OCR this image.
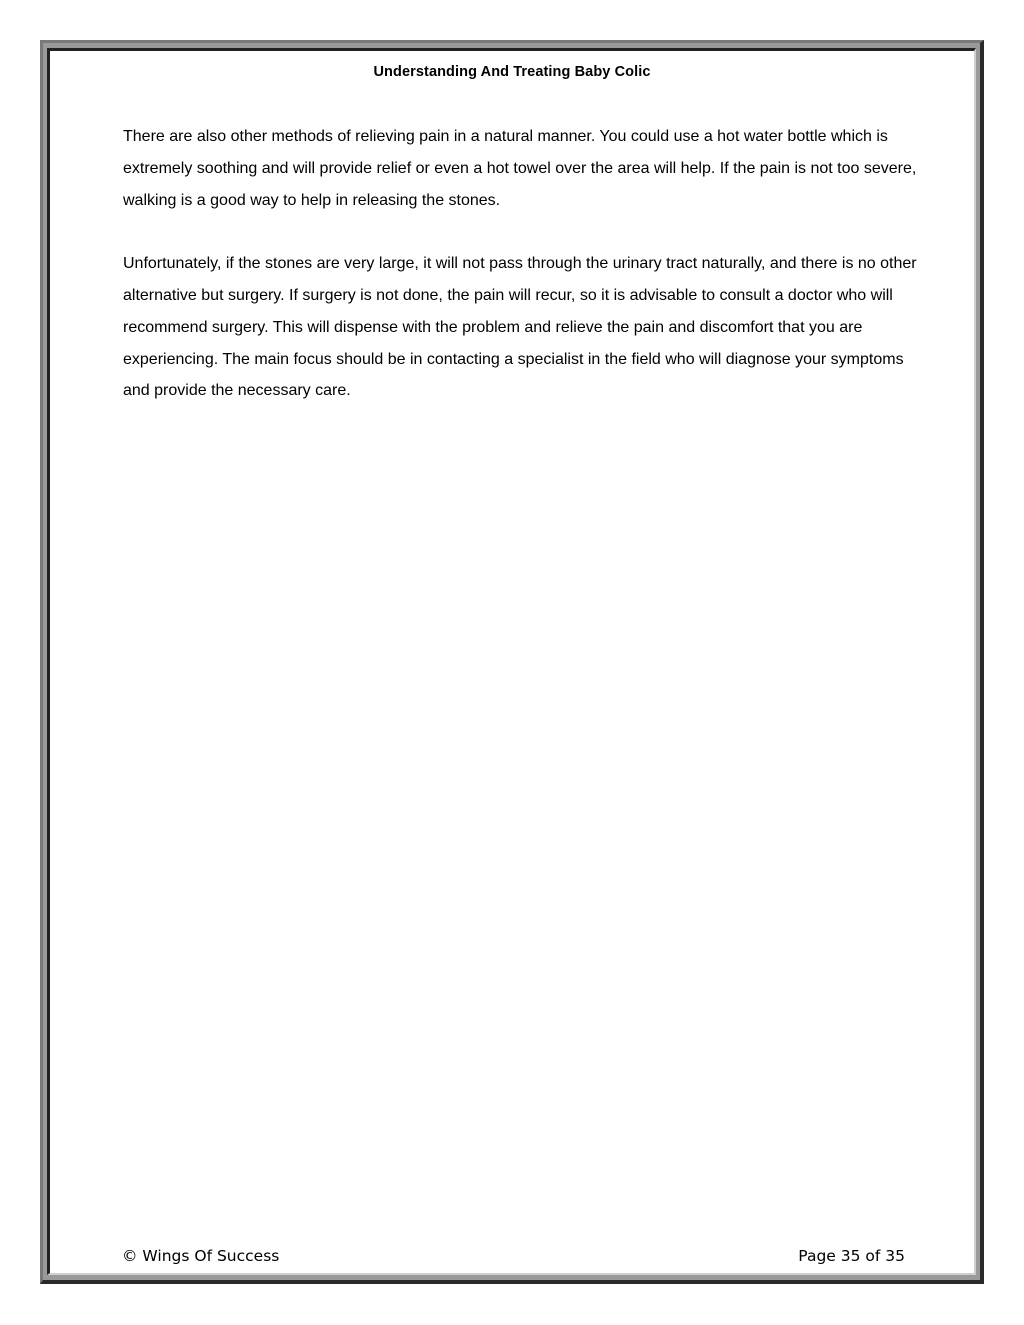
Understanding And Treating Baby Colic

There are also other methods of relieving pain in a natural manner. You could use a hot water bottle which is extremely soothing and will provide relief or even a hot towel over the area will help. If the pain is not too severe, walking is a good way to help in releasing the stones.

Unfortunately, if the stones are very large, it will not pass through the urinary tract naturally, and there is no other alternative but surgery. If surgery is not done, the pain will recur, so it is advisable to consult a doctor who will recommend surgery. This will dispense with the problem and relieve the pain and discomfort that you are experiencing. The main focus should be in contacting a specialist in the field who will diagnose your symptoms and provide the necessary care.

© Wings Of Success	Page 35 of 35
